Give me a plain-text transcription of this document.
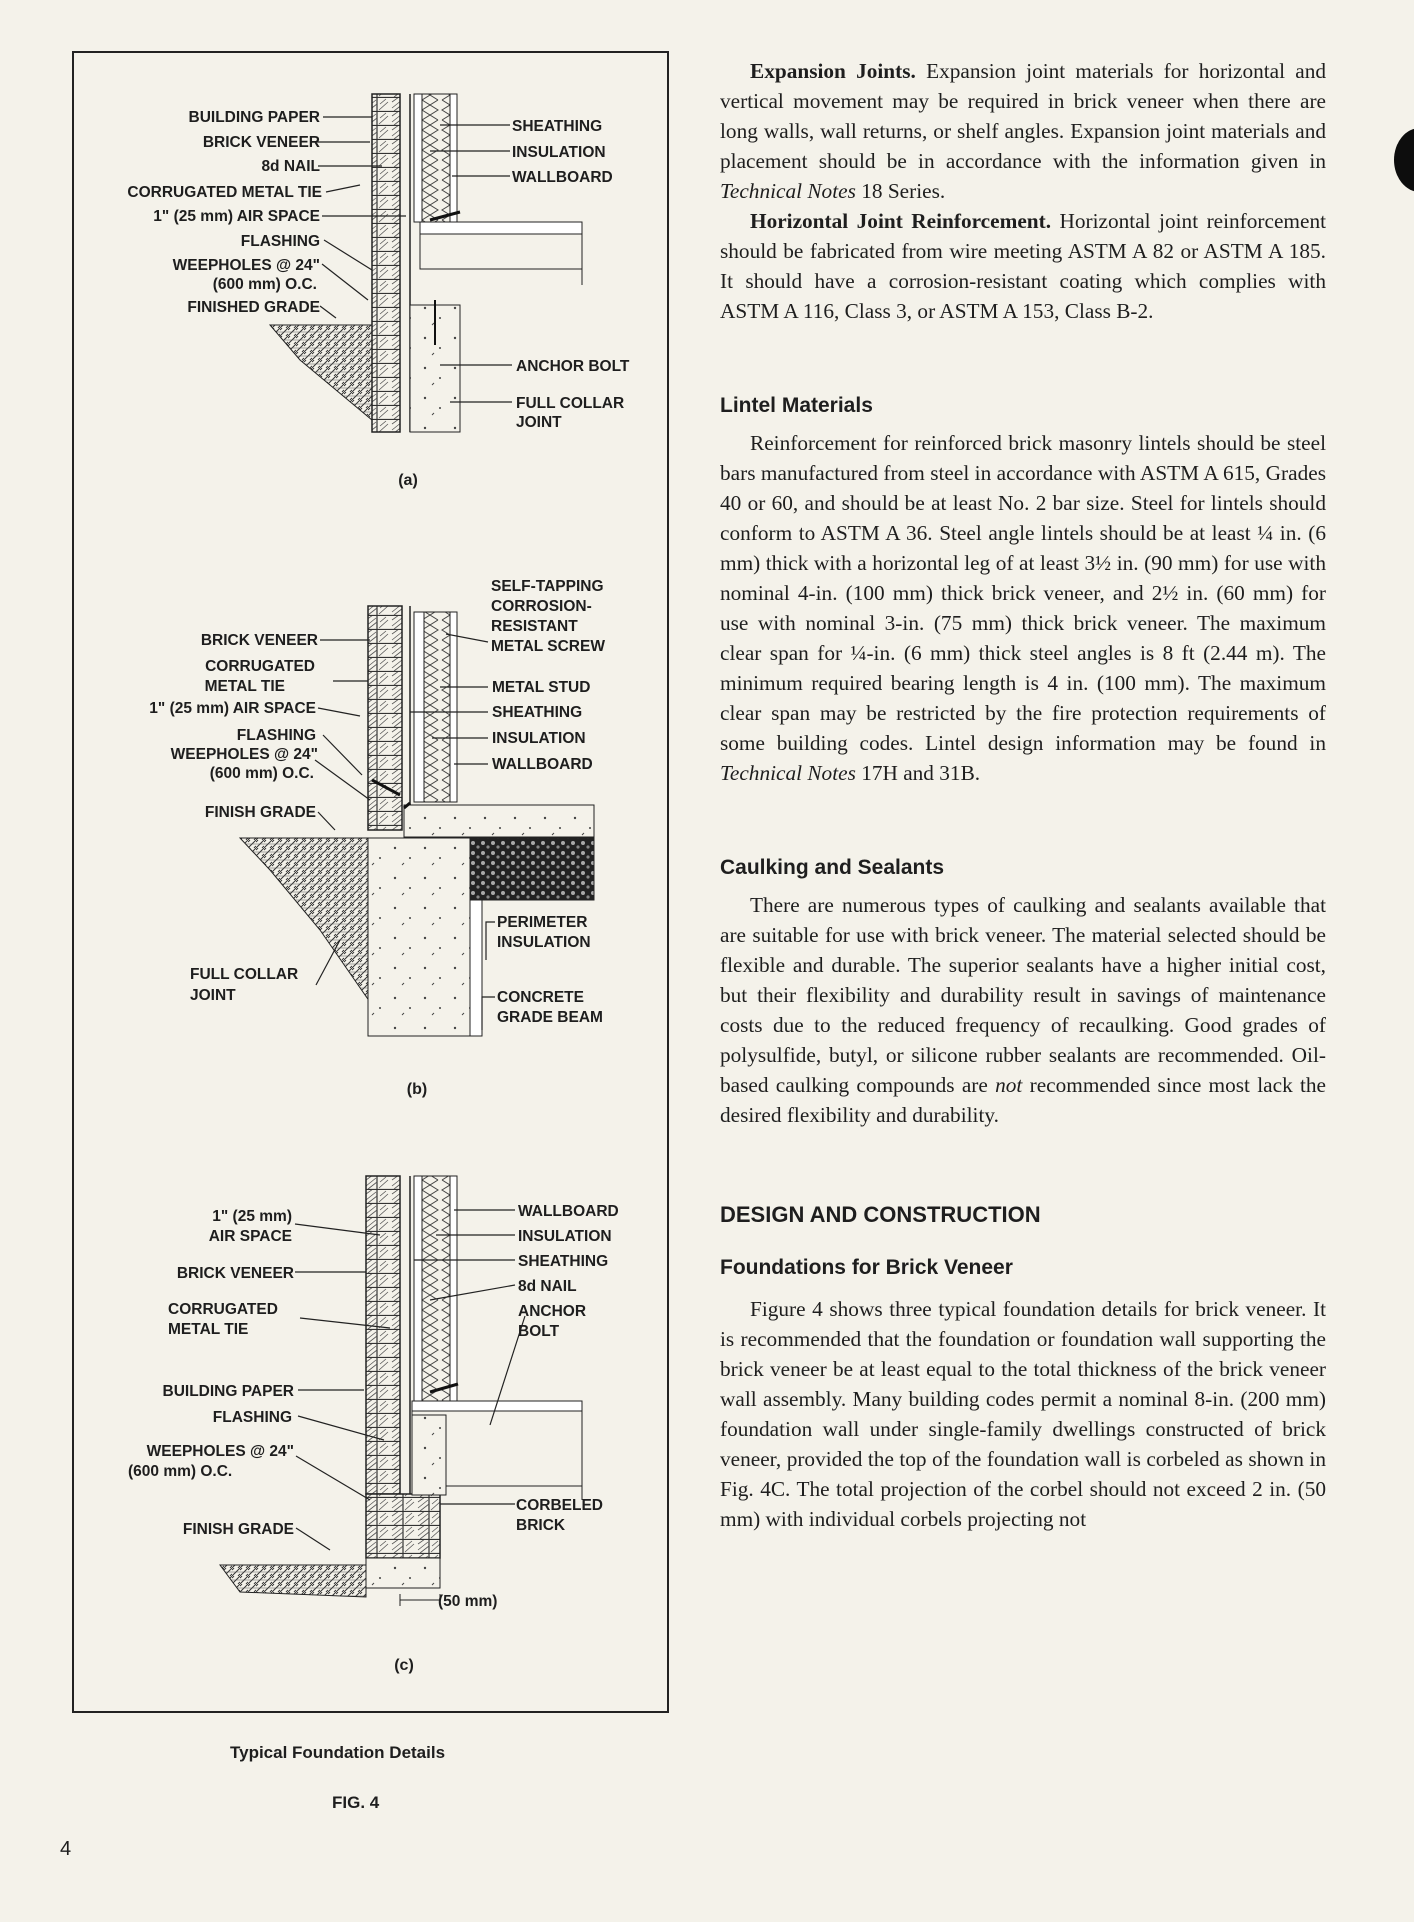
BUILDING PAPER
BRICK VENEER
8d NAIL
CORRUGATED METAL TIE
1" (25 mm) AIR SPACE
FLASHING
WEEPHOLES @ 24"
(600 mm) O.C.
FINISHED GRADE
SHEATHING
INSULATION
WALLBOARD
ANCHOR BOLT
FULL COLLAR
JOINT
(a)
BRICK VENEER
CORRUGATED
METAL TIE
1" (25 mm) AIR SPACE
FLASHING
WEEPHOLES @ 24"
(600 mm) O.C.
FINISH GRADE
FULL COLLAR
JOINT
SELF-TAPPING
CORROSION-
RESISTANT
METAL SCREW
METAL STUD
SHEATHING
INSULATION
WALLBOARD
PERIMETER
INSULATION
CONCRETE
GRADE BEAM
(b)
1" (25 mm)
AIR SPACE
BRICK VENEER
CORRUGATED
METAL TIE
BUILDING PAPER
FLASHING
WEEPHOLES @ 24"
(600 mm) O.C.
FINISH GRADE
WALLBOARD
INSULATION
SHEATHING
8d NAIL
ANCHOR
BOLT
CORBELED
BRICK
(50 mm)
(c)
Typical Foundation Details
FIG. 4
4

Expansion Joints. Expansion joint materials for horizontal and vertical movement may be required in brick veneer when there are long walls, wall returns, or shelf angles. Expansion joint materials and placement should be in accordance with the information given in Technical Notes 18 Series.

Horizontal Joint Reinforcement. Horizontal joint reinforcement should be fabricated from wire meeting ASTM A 82 or ASTM A 185. It should have a corrosion-resistant coating which complies with ASTM A 116, Class 3, or ASTM A 153, Class B-2.

Lintel Materials

Reinforcement for reinforced brick masonry lintels should be steel bars manufactured from steel in accordance with ASTM A 615, Grades 40 or 60, and should be at least No. 2 bar size. Steel for lintels should conform to ASTM A 36. Steel angle lintels should be at least ¼ in. (6 mm) thick with a horizontal leg of at least 3½ in. (90 mm) for use with nominal 4-in. (100 mm) thick brick veneer, and 2½ in. (60 mm) for use with nominal 3-in. (75 mm) thick brick veneer. The maximum clear span for ¼-in. (6 mm) thick steel angles is 8 ft (2.44 m). The minimum required bearing length is 4 in. (100 mm). The maximum clear span may be restricted by the fire protection requirements of some building codes. Lintel design information may be found in Technical Notes 17H and 31B.

Caulking and Sealants

There are numerous types of caulking and sealants available that are suitable for use with brick veneer. The material selected should be flexible and durable. The superior sealants have a higher initial cost, but their flexibility and durability result in savings of maintenance costs due to the reduced frequency of recaulking. Good grades of polysulfide, butyl, or silicone rubber sealants are recommended. Oil-based caulking compounds are not recommended since most lack the desired flexibility and durability.

DESIGN AND CONSTRUCTION
Foundations for Brick Veneer

Figure 4 shows three typical foundation details for brick veneer. It is recommended that the foundation or foundation wall supporting the brick veneer be at least equal to the total thickness of the brick veneer wall assembly. Many building codes permit a nominal 8-in. (200 mm) foundation wall under single-family dwellings constructed of brick veneer, provided the top of the foundation wall is corbeled as shown in Fig. 4C. The total projection of the corbel should not exceed 2 in. (50 mm) with individual corbels projecting not
